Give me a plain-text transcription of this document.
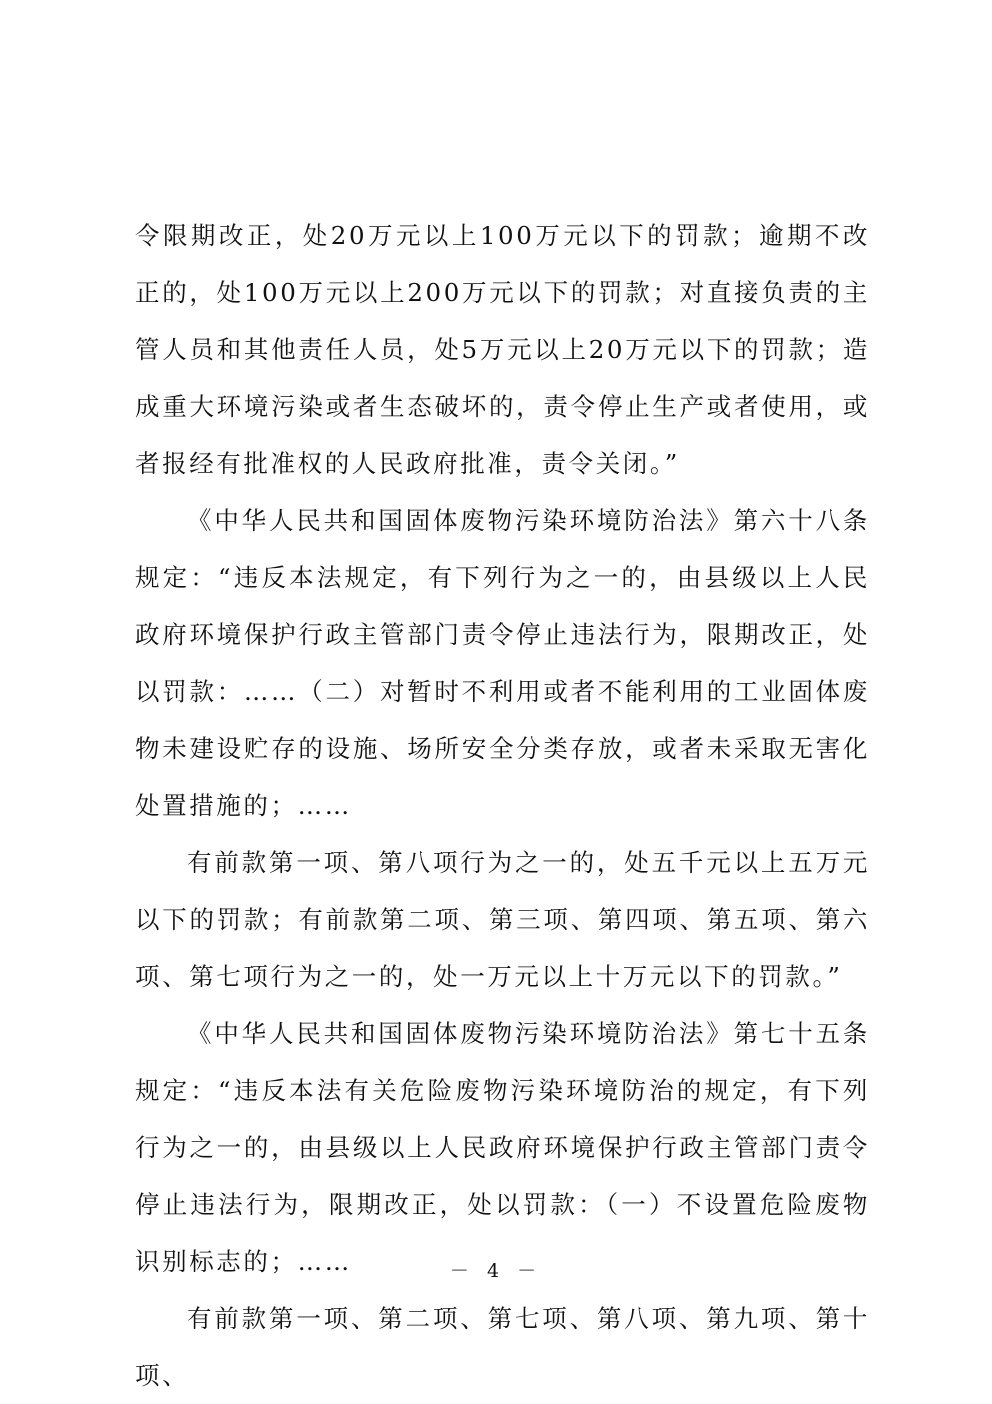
令限期改正，处20万元以上100万元以下的罚款；逾期不改正的，处100万元以上200万元以下的罚款；对直接负责的主管人员和其他责任人员，处5万元以上20万元以下的罚款；造成重大环境污染或者生态破坏的，责令停止生产或者使用，或者报经有批准权的人民政府批准，责令关闭。”

《中华人民共和国固体废物污染环境防治法》第六十八条规定：“违反本法规定，有下列行为之一的，由县级以上人民政府环境保护行政主管部门责令停止违法行为，限期改正，处以罚款：……（二）对暂时不利用或者不能利用的工业固体废物未建设贮存的设施、场所安全分类存放，或者未采取无害化处置措施的；……

有前款第一项、第八项行为之一的，处五千元以上五万元以下的罚款；有前款第二项、第三项、第四项、第五项、第六项、第七项行为之一的，处一万元以上十万元以下的罚款。”

《中华人民共和国固体废物污染环境防治法》第七十五条规定：“违反本法有关危险废物污染环境防治的规定，有下列行为之一的，由县级以上人民政府环境保护行政主管部门责令停止违法行为，限期改正，处以罚款：（一）不设置危险废物识别标志的；……

有前款第一项、第二项、第七项、第八项、第九项、第十项、

－ 4 －
